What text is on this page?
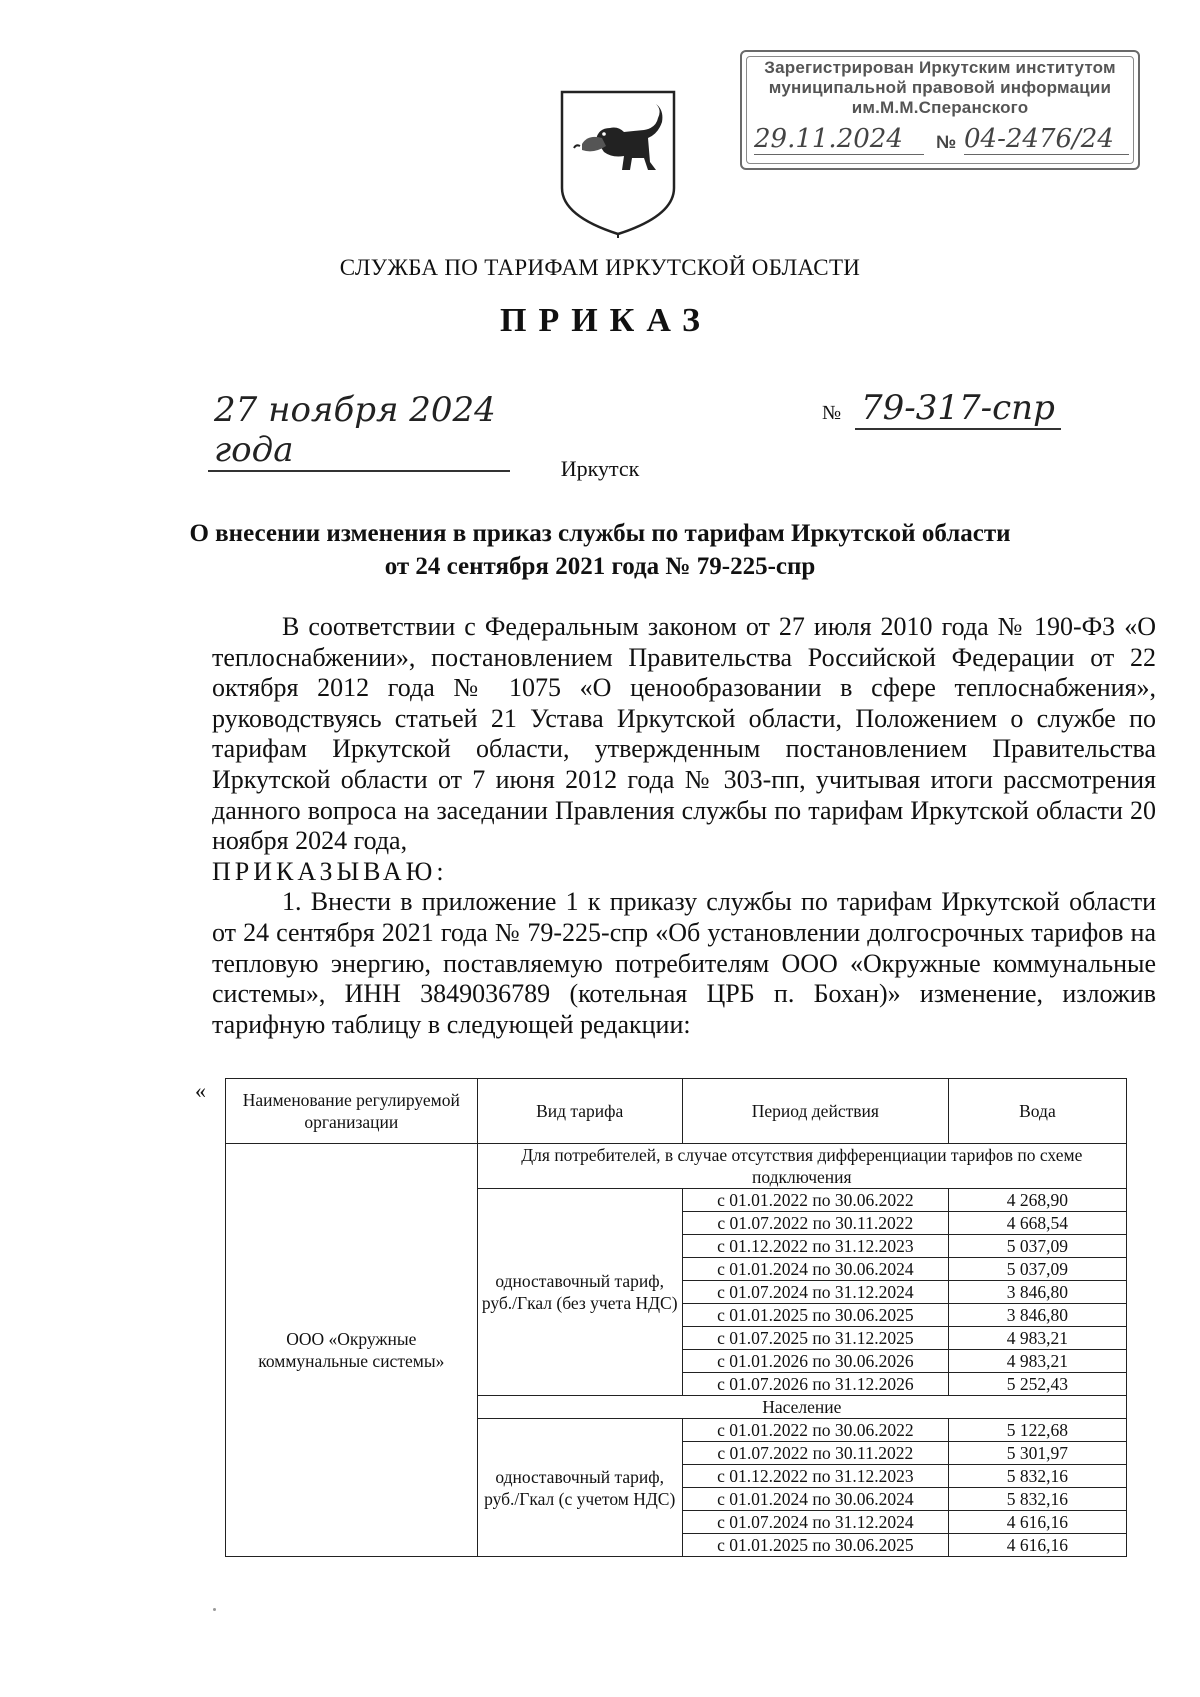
Зарегистрирован Иркутским институтом
муниципальной правовой информации
им.М.М.Сперанского
29.11.2024	№ 04-2476/24
СЛУЖБА ПО ТАРИФАМ ИРКУТСКОЙ ОБЛАСТИ
ПРИКАЗ
27 ноября 2024 года
№ 79-317-спр
Иркутск
О внесении изменения в приказ службы по тарифам Иркутской области
от 24 сентября 2021 года № 79-225-спр

В соответствии с Федеральным законом от 27 июля 2010 года № 190-ФЗ «О теплоснабжении», постановлением Правительства Российской Федерации от 22 октября 2012 года № 1075 «О ценообразовании в сфере теплоснабжения», руководствуясь статьей 21 Устава Иркутской области, Положением о службе по тарифам Иркутской области, утвержденным постановлением Правительства Иркутской области от 7 июня 2012 года № 303-пп, учитывая итоги рассмотрения данного вопроса на заседании Правления службы по тарифам Иркутской области 20 ноября 2024 года,

ПРИКАЗЫВАЮ:

1. Внести в приложение 1 к приказу службы по тарифам Иркутской области от 24 сентября 2021 года № 79-225-спр «Об установлении долгосрочных тарифов на тепловую энергию, поставляемую потребителям ООО «Окружные коммунальные системы», ИНН 3849036789 (котельная ЦРБ п. Бохан)» изменение, изложив тарифную таблицу в следующей редакции:

« Наименование регулируемой организации	Вид тарифа	Период действия	Вода
ООО «Окружные коммунальные системы»	Для потребителей, в случае отсутствия дифференциации тарифов по схеме подключения		
	одноставочный тариф, руб./Гкал (без учета НДС)	с 01.01.2022 по 30.06.2022	4 268,90
		с 01.07.2022 по 30.11.2022	4 668,54
		с 01.12.2022 по 31.12.2023	5 037,09
		с 01.01.2024 по 30.06.2024	5 037,09
		с 01.07.2024 по 31.12.2024	3 846,80
		с 01.01.2025 по 30.06.2025	3 846,80
		с 01.07.2025 по 31.12.2025	4 983,21
		с 01.01.2026 по 30.06.2026	4 983,21
		с 01.07.2026 по 31.12.2026	5 252,43
	Население		
	одноставочный тариф, руб./Гкал (с учетом НДС)	с 01.01.2022 по 30.06.2022	5 122,68
		с 01.07.2022 по 30.11.2022	5 301,97
		с 01.12.2022 по 31.12.2023	5 832,16
		с 01.01.2024 по 30.06.2024	5 832,16
		с 01.07.2024 по 31.12.2024	4 616,16
		с 01.01.2025 по 30.06.2025	4 616,16
